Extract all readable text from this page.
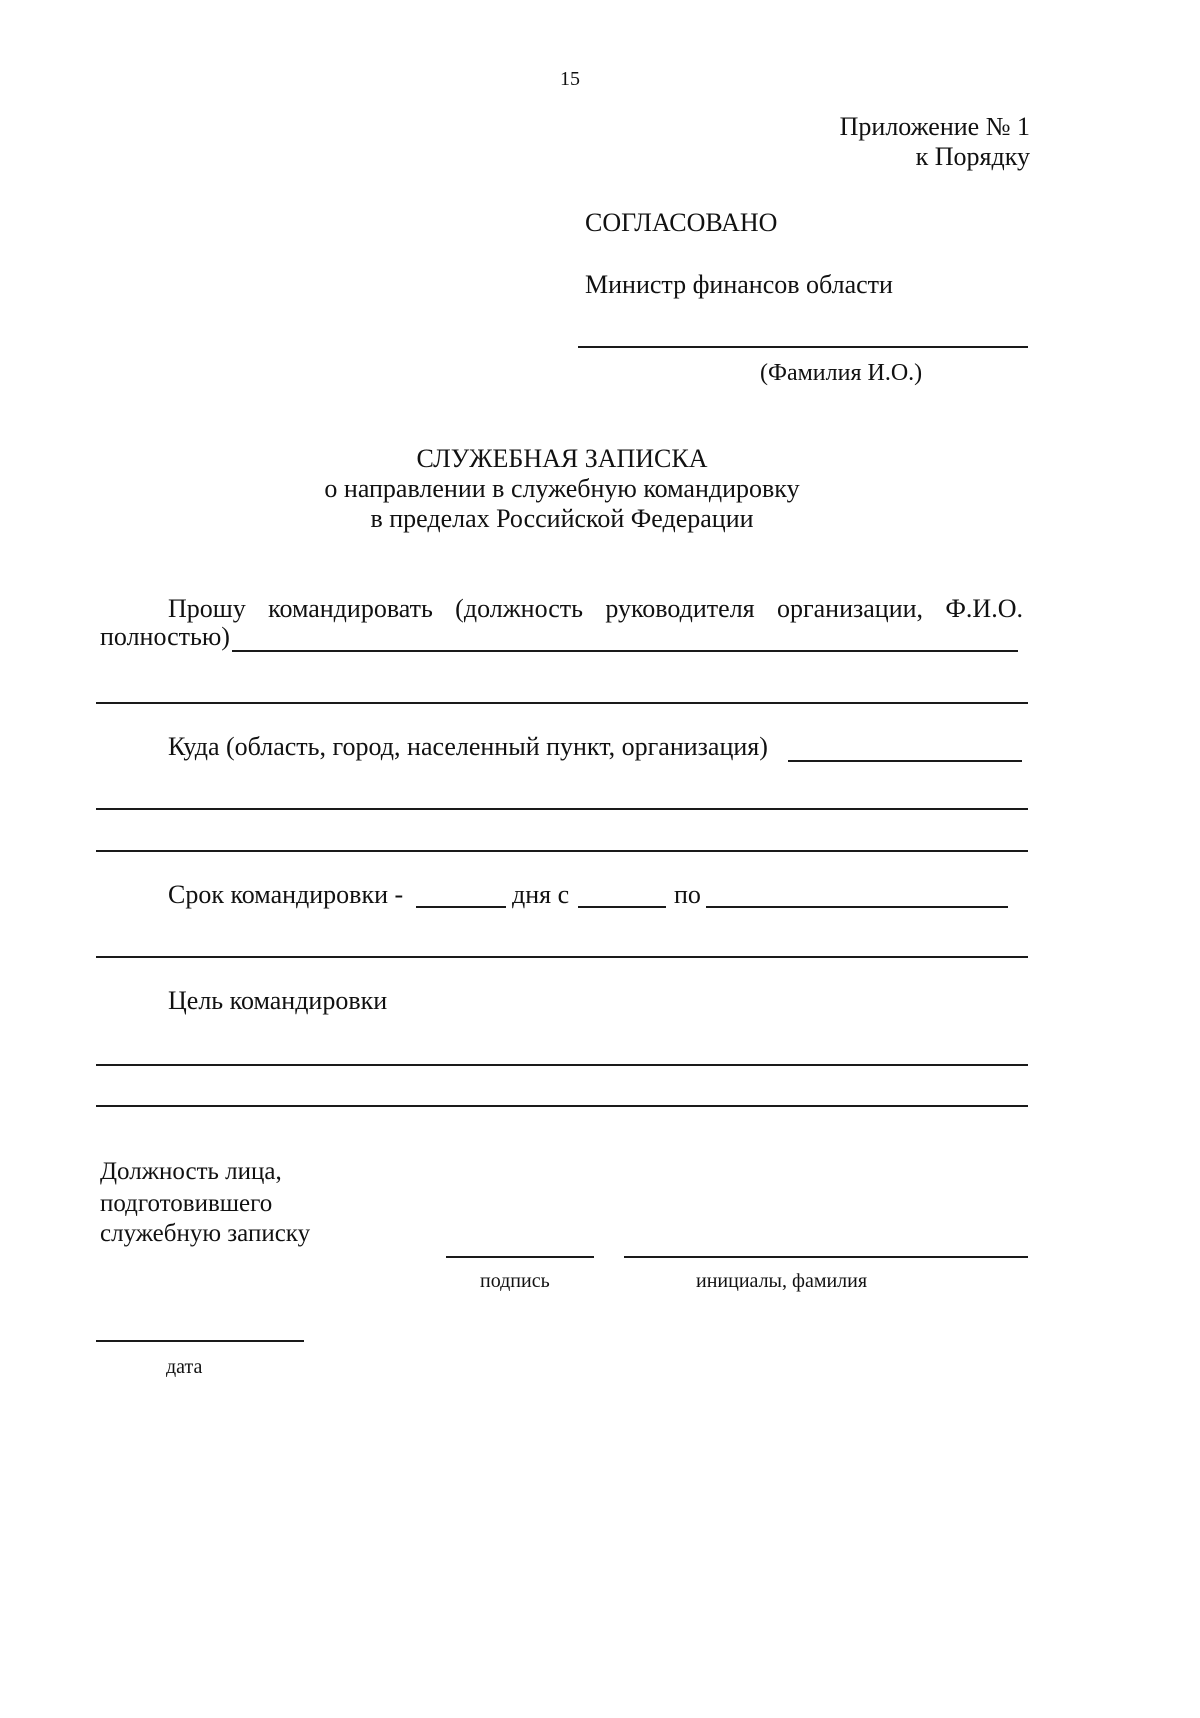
15
Приложение № 1
к Порядку
СОГЛАСОВАНО
Министр финансов области
(Фамилия И.О.)
СЛУЖЕБНАЯ ЗАПИСКА
о направлении в служебную командировку
в пределах Российской Федерации
Прошу командировать (должность руководителя организации, Ф.И.О.
полностью)
Куда (область, город, населенный пункт, организация)
Срок командировки -	дня с	по
Цель командировки
Должность лица,
подготовившего
служебную записку
подпись	инициалы, фамилия
дата
